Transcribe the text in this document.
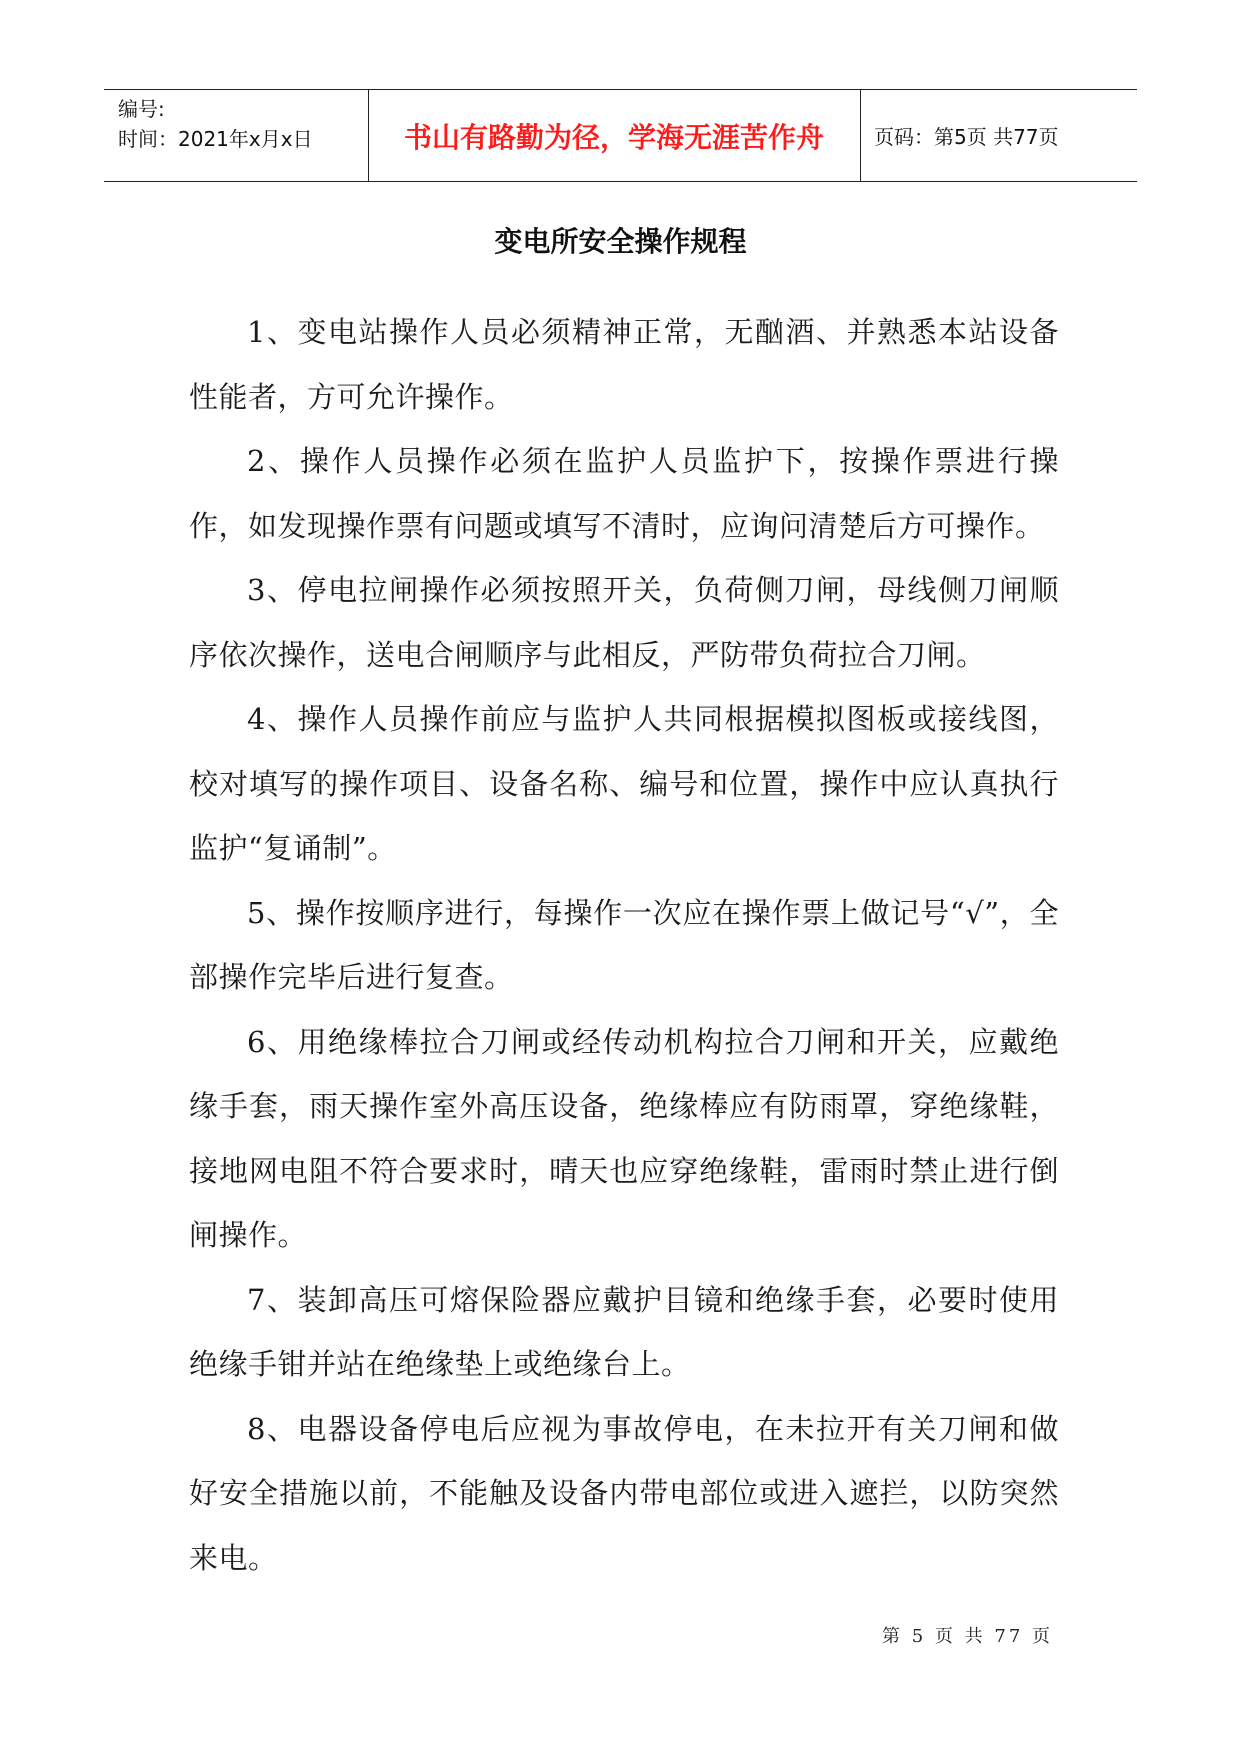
编号:
时间：2021年x月x日	书山有路勤为径，学海无涯苦作舟	页码：第5页 共77页
变电所安全操作规程

1、变电站操作人员必须精神正常，无酗酒、并熟悉本站设备性能者，方可允许操作。

2、操作人员操作必须在监护人员监护下，按操作票进行操作，如发现操作票有问题或填写不清时，应询问清楚后方可操作。

3、停电拉闸操作必须按照开关，负荷侧刀闸，母线侧刀闸顺序依次操作，送电合闸顺序与此相反，严防带负荷拉合刀闸。

4、操作人员操作前应与监护人共同根据模拟图板或接线图，校对填写的操作项目、设备名称、编号和位置，操作中应认真执行监护“复诵制”。

5、操作按顺序进行，每操作一次应在操作票上做记号“√”，全部操作完毕后进行复查。

6、用绝缘棒拉合刀闸或经传动机构拉合刀闸和开关，应戴绝缘手套，雨天操作室外高压设备，绝缘棒应有防雨罩，穿绝缘鞋，接地网电阻不符合要求时，晴天也应穿绝缘鞋，雷雨时禁止进行倒闸操作。

7、装卸高压可熔保险器应戴护目镜和绝缘手套，必要时使用绝缘手钳并站在绝缘垫上或绝缘台上。

8、电器设备停电后应视为事故停电，在未拉开有关刀闸和做好安全措施以前，不能触及设备内带电部位或进入遮拦，以防突然来电。

第 5 页 共 77 页
